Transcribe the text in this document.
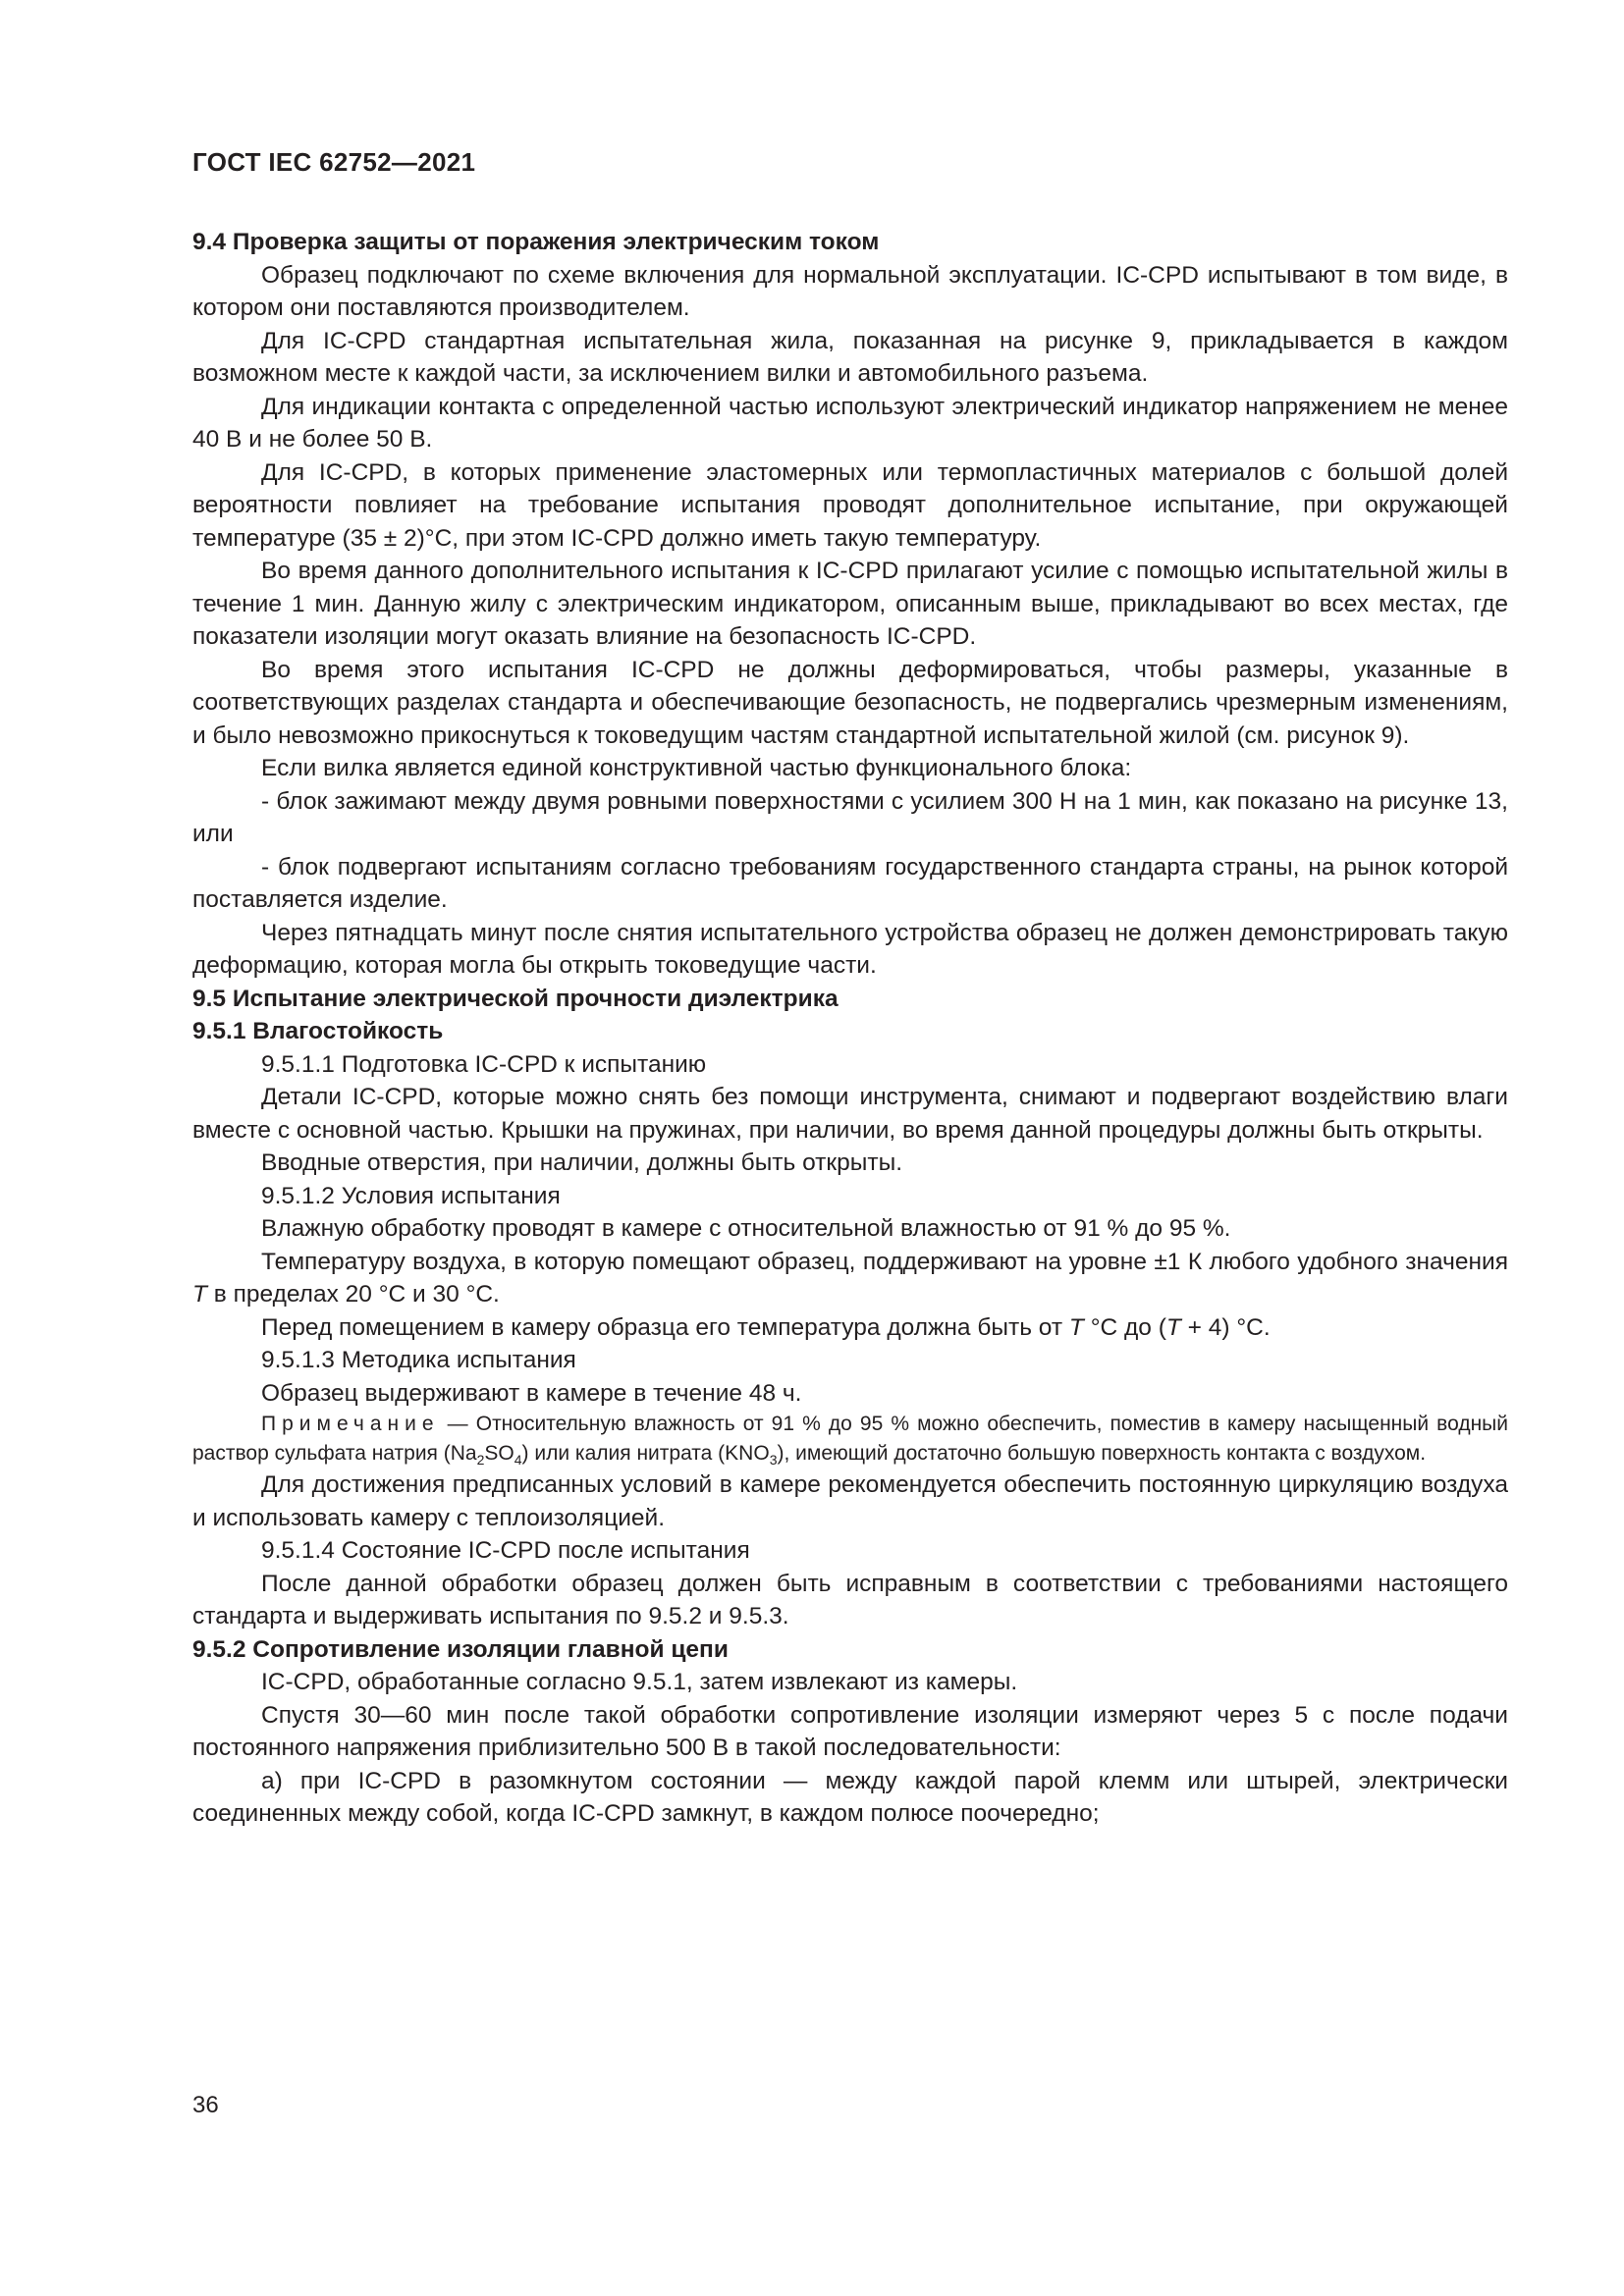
ГОСТ IEC 62752—2021

9.4 Проверка защиты от поражения электрическим током

Образец подключают по схеме включения для нормальной эксплуатации. IC-CPD испытывают в том виде, в котором они поставляются производителем.

Для IC-CPD стандартная испытательная жила, показанная на рисунке 9, прикладывается в каждом возможном месте к каждой части, за исключением вилки и автомобильного разъема.

Для индикации контакта с определенной частью используют электрический индикатор напряжением не менее 40 В и не более 50 В.

Для IC-CPD, в которых применение эластомерных или термопластичных материалов с большой долей вероятности повлияет на требование испытания проводят дополнительное испытание, при окружающей температуре (35 ± 2)°С, при этом IC-CPD должно иметь такую температуру.

Во время данного дополнительного испытания к IC-CPD прилагают усилие с помощью испытательной жилы в течение 1 мин. Данную жилу с электрическим индикатором, описанным выше, прикладывают во всех местах, где показатели изоляции могут оказать влияние на безопасность IC-CPD.

Во время этого испытания IC-CPD не должны деформироваться, чтобы размеры, указанные в соответствующих разделах стандарта и обеспечивающие безопасность, не подвергались чрезмерным изменениям, и было невозможно прикоснуться к токоведущим частям стандартной испытательной жилой (см. рисунок 9).

Если вилка является единой конструктивной частью функционального блока:

- блок зажимают между двумя ровными поверхностями с усилием 300 Н на 1 мин, как показано на рисунке 13, или

- блок подвергают испытаниям согласно требованиям государственного стандарта страны, на рынок которой поставляется изделие.

Через пятнадцать минут после снятия испытательного устройства образец не должен демонстрировать такую деформацию, которая могла бы открыть токоведущие части.

9.5 Испытание электрической прочности диэлектрика

9.5.1 Влагостойкость

9.5.1.1 Подготовка IC-CPD к испытанию

Детали IC-CPD, которые можно снять без помощи инструмента, снимают и подвергают воздействию влаги вместе с основной частью. Крышки на пружинах, при наличии, во время данной процедуры должны быть открыты.

Вводные отверстия, при наличии, должны быть открыты.

9.5.1.2 Условия испытания

Влажную обработку проводят в камере с относительной влажностью от 91 % до 95 %.

Температуру воздуха, в которую помещают образец, поддерживают на уровне ±1 К любого удобного значения T в пределах 20 °С и 30 °С.

Перед помещением в камеру образца его температура должна быть от T °С до (T + 4) °С.

9.5.1.3 Методика испытания

Образец выдерживают в камере в течение 48 ч.

Примечание — Относительную влажность от 91 % до 95 % можно обеспечить, поместив в камеру насыщенный водный раствор сульфата натрия $(Na_2SO_4)$ или калия нитрата $(KNO_3)$, имеющий достаточно большую поверхность контакта с воздухом.

Для достижения предписанных условий в камере рекомендуется обеспечить постоянную циркуляцию воздуха и использовать камеру с теплоизоляцией.

9.5.1.4 Состояние IC-CPD после испытания

После данной обработки образец должен быть исправным в соответствии с требованиями настоящего стандарта и выдерживать испытания по 9.5.2 и 9.5.3.

9.5.2 Сопротивление изоляции главной цепи

IC-CPD, обработанные согласно 9.5.1, затем извлекают из камеры.

Спустя 30—60 мин после такой обработки сопротивление изоляции измеряют через 5 с после подачи постоянного напряжения приблизительно 500 В в такой последовательности:

а) при IC-CPD в разомкнутом состоянии — между каждой парой клемм или штырей, электрически соединенных между собой, когда IC-CPD замкнут, в каждом полюсе поочередно;

36
